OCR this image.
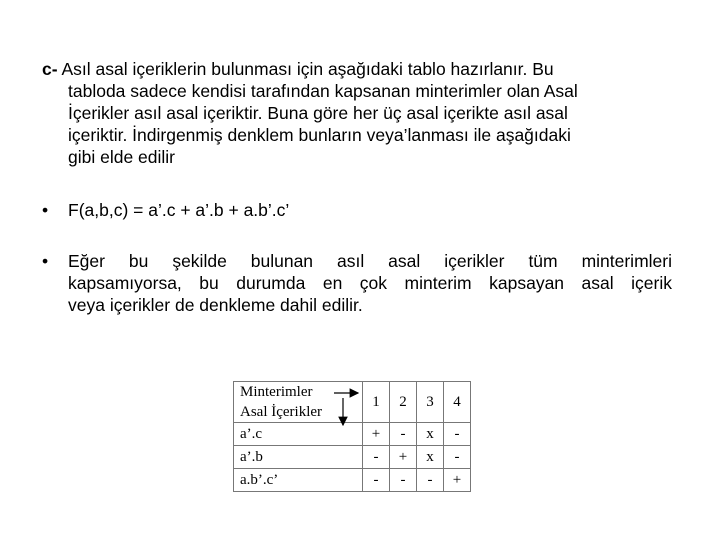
c- Asıl asal içeriklerin bulunması için aşağıdaki tablo hazırlanır. Bu
tabloda sadece kendisi tarafından kapsanan minterimler olan Asal
İçerikler asıl asal içeriktir. Buna göre her üç asal içerikte asıl asal
içeriktir. İndirgenmiş denklem bunların veya’lanması ile aşağıdaki
gibi elde edilir
• F(a,b,c) = a’.c + a’.b + a.b’.c’
• Eğer bu şekilde bulunan asıl asal içerikler tüm minterimleri
kapsamıyorsa, bu durumda en çok minterim kapsayan asal içerik
veya içerikler de denkleme dahil edilir.
Minterimler	1	2	3	4
Asal İçerikler				
a’.c	+	-	x	-
a’.b	-	+	x	-
a.b’.c’	-	-	-	+
